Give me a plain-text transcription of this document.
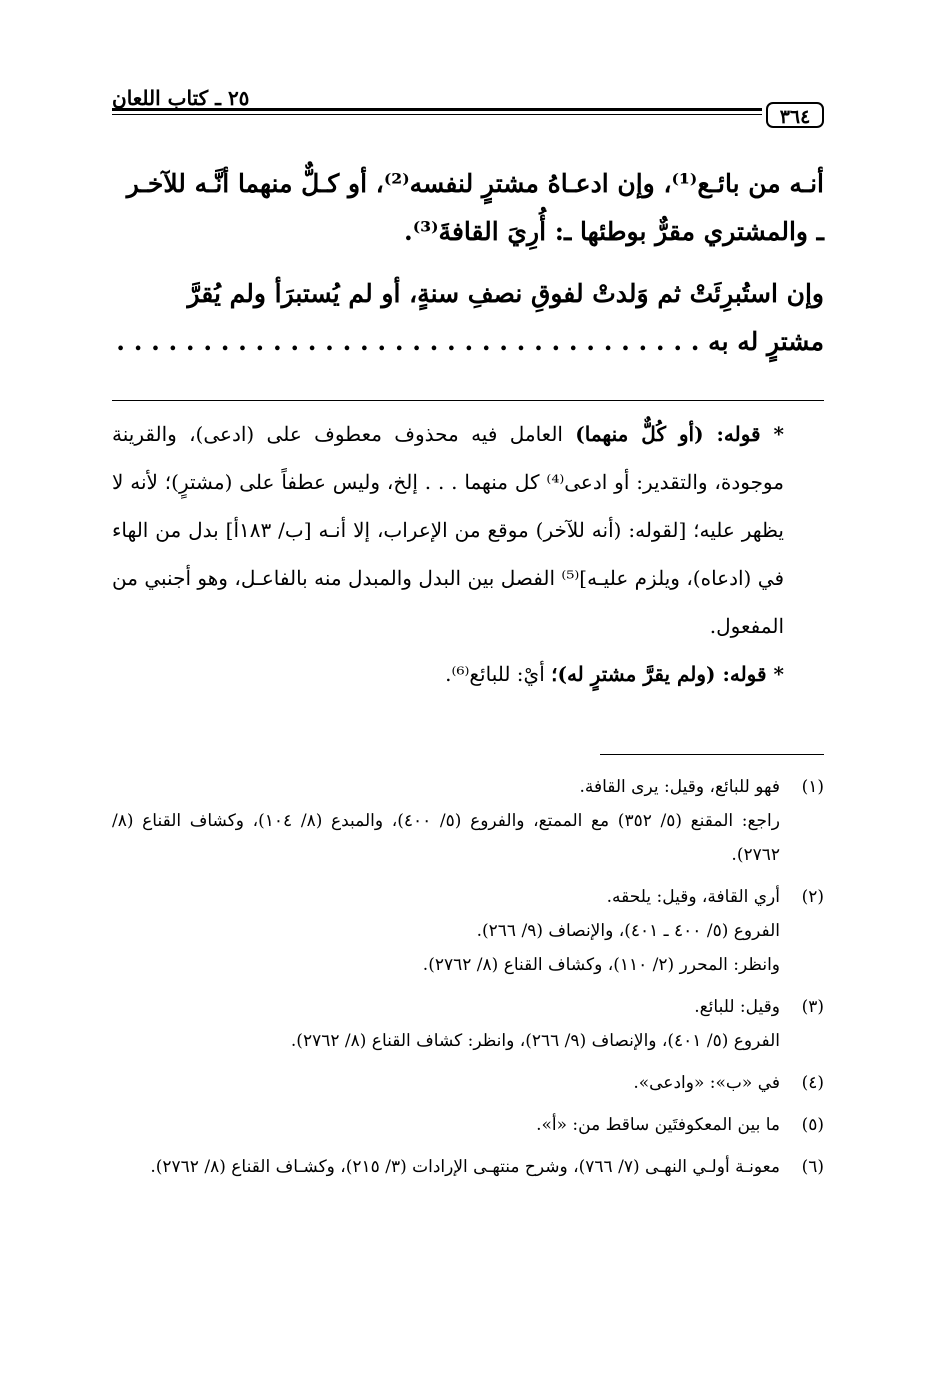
٣٦٤
٢٥ ـ كتاب اللعان

أنـه من بائـع⁽¹⁾، وإن ادعـاهُ مشترٍ لنفسه⁽²⁾، أو كـلٌّ منهما أنَّـه للآخـر

ـ والمشتري مقرٌّ بوطئها ـ: أُرِيَ القافةَ⁽³⁾.

وإن استُبرِئَتْ ثم وَلدتْ لفوقِ نصفِ سنةٍ، أو لم يُستبرَأ ولم يُقرَّ

مشترٍ له به . . . . . . . . . . . . . . . . . . . . . . . . . . . . . . . . . .

* قوله: (أو كُلٌّ منهما) العامل فيه محذوف معطوف على (ادعى)، والقرينة موجودة، والتقدير: أو ادعى⁽⁴⁾ كل منهما . . . إلخ، وليس عطفاً على (مشترٍ)؛ لأنه لا يظهر عليه؛ [لقوله: (أنه للآخر) موقع من الإعراب، إلا أنـه [ب/ ١٨٣أ] بدل من الهاء في (ادعاه)، ويلزم عليـه]⁽⁵⁾ الفصل بين البدل والمبدل منه بالفاعـل، وهو أجنبي من المفعول.

* قوله: (ولم يقرَّ مشترٍ له)؛ أيْ: للبائع⁽⁶⁾.

(١)
فهو للبائع، وقيل: يرى القافة.
راجع: المقنع (٥/ ٣٥٢) مع الممتع، والفروع (٥/ ٤٠٠)، والمبدع (٨/ ١٠٤)، وكشاف القناع (٨/ ٢٧٦٢).
(٢)
أري القافة، وقيل: يلحقه.
الفروع (٥/ ٤٠٠ ـ ٤٠١)، والإنصاف (٩/ ٢٦٦).
وانظر: المحرر (٢/ ١١٠)، وكشاف القناع (٨/ ٢٧٦٢).
(٣)
وقيل: للبائع.
الفروع (٥/ ٤٠١)، والإنصاف (٩/ ٢٦٦)، وانظر: كشاف القناع (٨/ ٢٧٦٢).
(٤)
في «ب»: «وادعى».
(٥)
ما بين المعكوفتَين ساقط من: «أ».
(٦)
معونـة أولـي النهـى (٧/ ٧٦٦)، وشرح منتهـى الإرادات (٣/ ٢١٥)، وكشـاف القناع (٨/ ٢٧٦٢).
